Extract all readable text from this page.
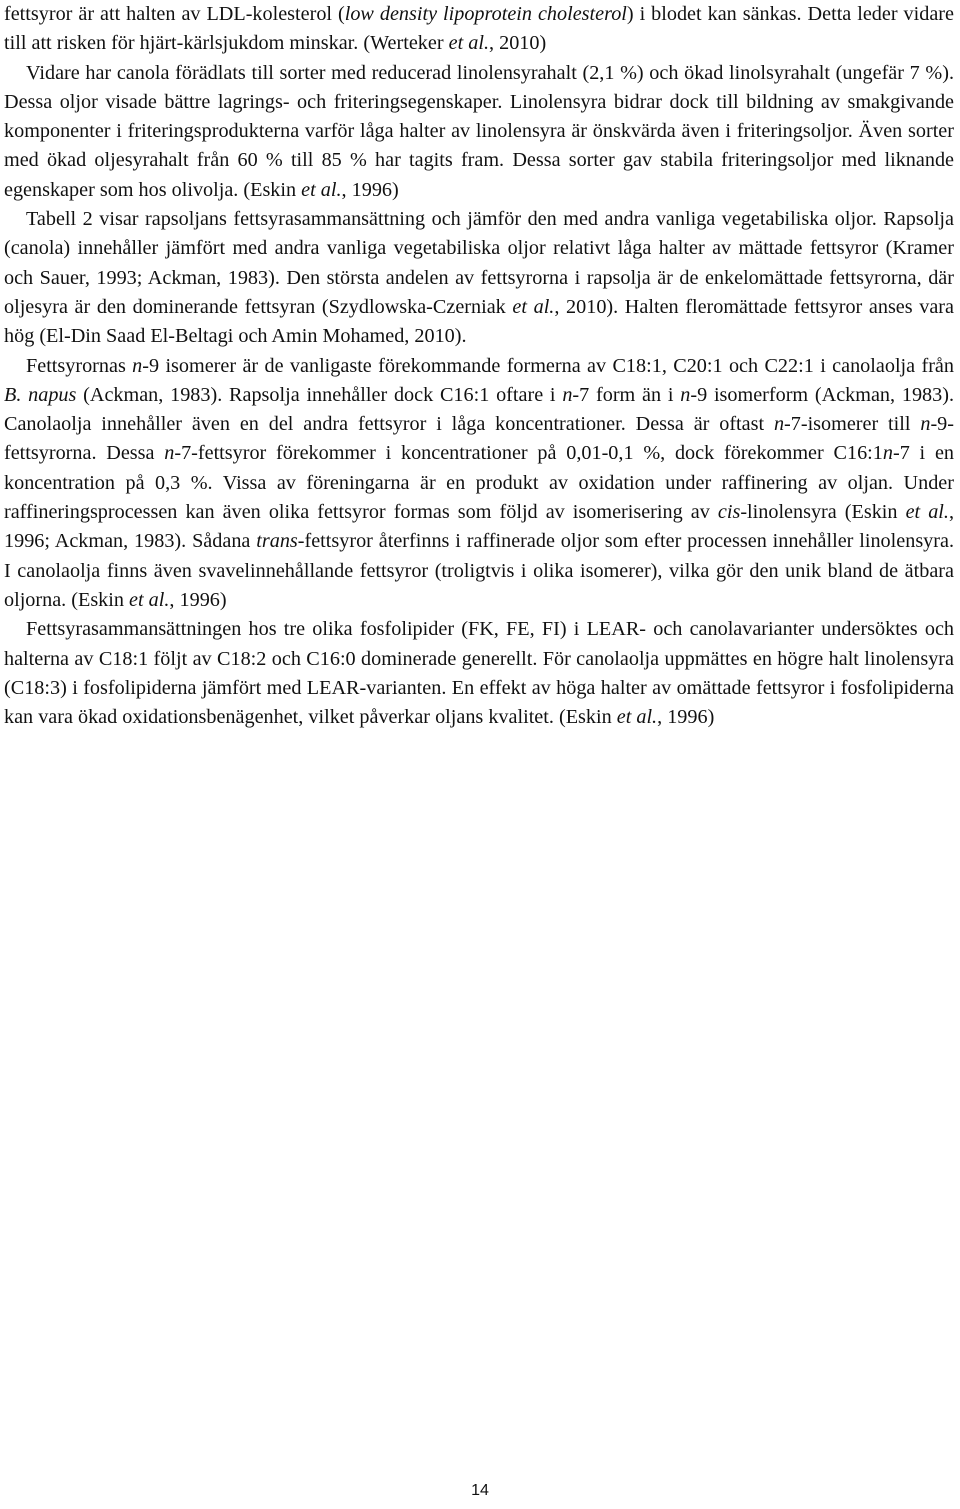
fettsyror är att halten av LDL-kolesterol (low density lipoprotein cholesterol) i blodet kan sänkas. Detta leder vidare till att risken för hjärt-kärlsjukdom minskar. (Werteker et al., 2010)

Vidare har canola förädlats till sorter med reducerad linolensyrahalt (2,1 %) och ökad linolsyrahalt (ungefär 7 %). Dessa oljor visade bättre lagrings- och friteringsegenskaper. Linolensyra bidrar dock till bildning av smakgivande komponenter i friteringsprodukterna varför låga halter av linolensyra är önskvärda även i friteringsoljor. Även sorter med ökad oljesyrahalt från 60 % till 85 % har tagits fram. Dessa sorter gav stabila friteringsoljor med liknande egenskaper som hos olivolja. (Eskin et al., 1996)

Tabell 2 visar rapsoljans fettsyrasammansättning och jämför den med andra vanliga vegetabiliska oljor. Rapsolja (canola) innehåller jämfört med andra vanliga vegetabiliska oljor relativt låga halter av mättade fettsyror (Kramer och Sauer, 1993; Ackman, 1983). Den största andelen av fettsyrorna i rapsolja är de enkelomättade fettsyrorna, där oljesyra är den dominerande fettsyran (Szydlowska-Czerniak et al., 2010). Halten fleromättade fettsyror anses vara hög (El-Din Saad El-Beltagi och Amin Mohamed, 2010).

Fettsyrornas n-9 isomerer är de vanligaste förekommande formerna av C18:1, C20:1 och C22:1 i canolaolja från B. napus (Ackman, 1983). Rapsolja innehåller dock C16:1 oftare i n-7 form än i n-9 isomerform (Ackman, 1983). Canolaolja innehåller även en del andra fettsyror i låga koncentrationer. Dessa är oftast n-7-isomerer till n-9-fettsyrorna. Dessa n-7-fettsyror förekommer i koncentrationer på 0,01-0,1 %, dock förekommer C16:1n-7 i en koncentration på 0,3 %. Vissa av föreningarna är en produkt av oxidation under raffinering av oljan. Under raffineringsprocessen kan även olika fettsyror formas som följd av isomerisering av cis-linolensyra (Eskin et al., 1996; Ackman, 1983). Sådana trans-fettsyror återfinns i raffinerade oljor som efter processen innehåller linolensyra. I canolaolja finns även svavelinnehållande fettsyror (troligtvis i olika isomerer), vilka gör den unik bland de ätbara oljorna. (Eskin et al., 1996)

Fettsyrasammansättningen hos tre olika fosfolipider (FK, FE, FI) i LEAR- och canolavarianter undersöktes och halterna av C18:1 följt av C18:2 och C16:0 dominerade generellt. För canolaolja uppmättes en högre halt linolensyra (C18:3) i fosfolipiderna jämfört med LEAR-varianten. En effekt av höga halter av omättade fettsyror i fosfolipiderna kan vara ökad oxidationsbenägenhet, vilket påverkar oljans kvalitet. (Eskin et al., 1996)

14
